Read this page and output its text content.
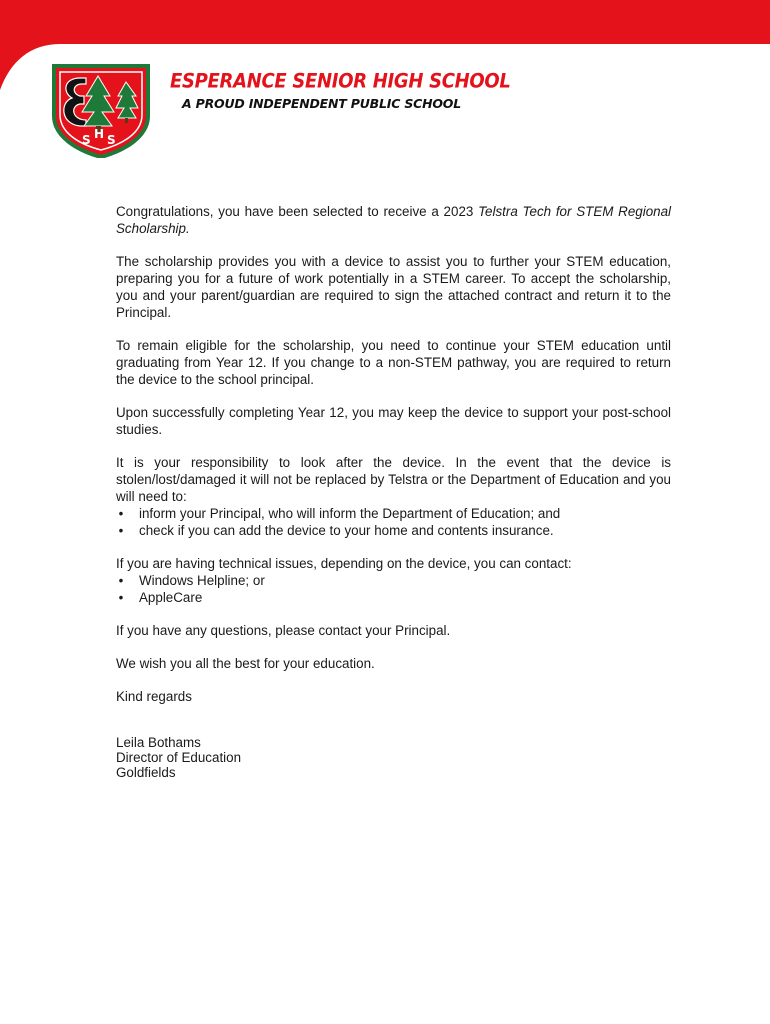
S H S
ESPERANCE SENIOR HIGH SCHOOL
A PROUD INDEPENDENT PUBLIC SCHOOL

Congratulations, you have been selected to receive a 2023 Telstra Tech for STEM Regional Scholarship.

The scholarship provides you with a device to assist you to further your STEM education, preparing you for a future of work potentially in a STEM career. To accept the scholarship, you and your parent/guardian are required to sign the attached contract and return it to the Principal.

To remain eligible for the scholarship, you need to continue your STEM education until graduating from Year 12. If you change to a non-STEM pathway, you are required to return the device to the school principal.

Upon successfully completing Year 12, you may keep the device to support your post-school studies.

It is your responsibility to look after the device. In the event that the device is stolen/lost/damaged it will not be replaced by Telstra or the Department of Education and you will need to:
• inform your Principal, who will inform the Department of Education; and
• check if you can add the device to your home and contents insurance.
If you are having technical issues, depending on the device, you can contact:
• Windows Helpline; or
• AppleCare

If you have any questions, please contact your Principal.

We wish you all the best for your education.

Kind regards

Leila Bothams
Director of Education
Goldfields
